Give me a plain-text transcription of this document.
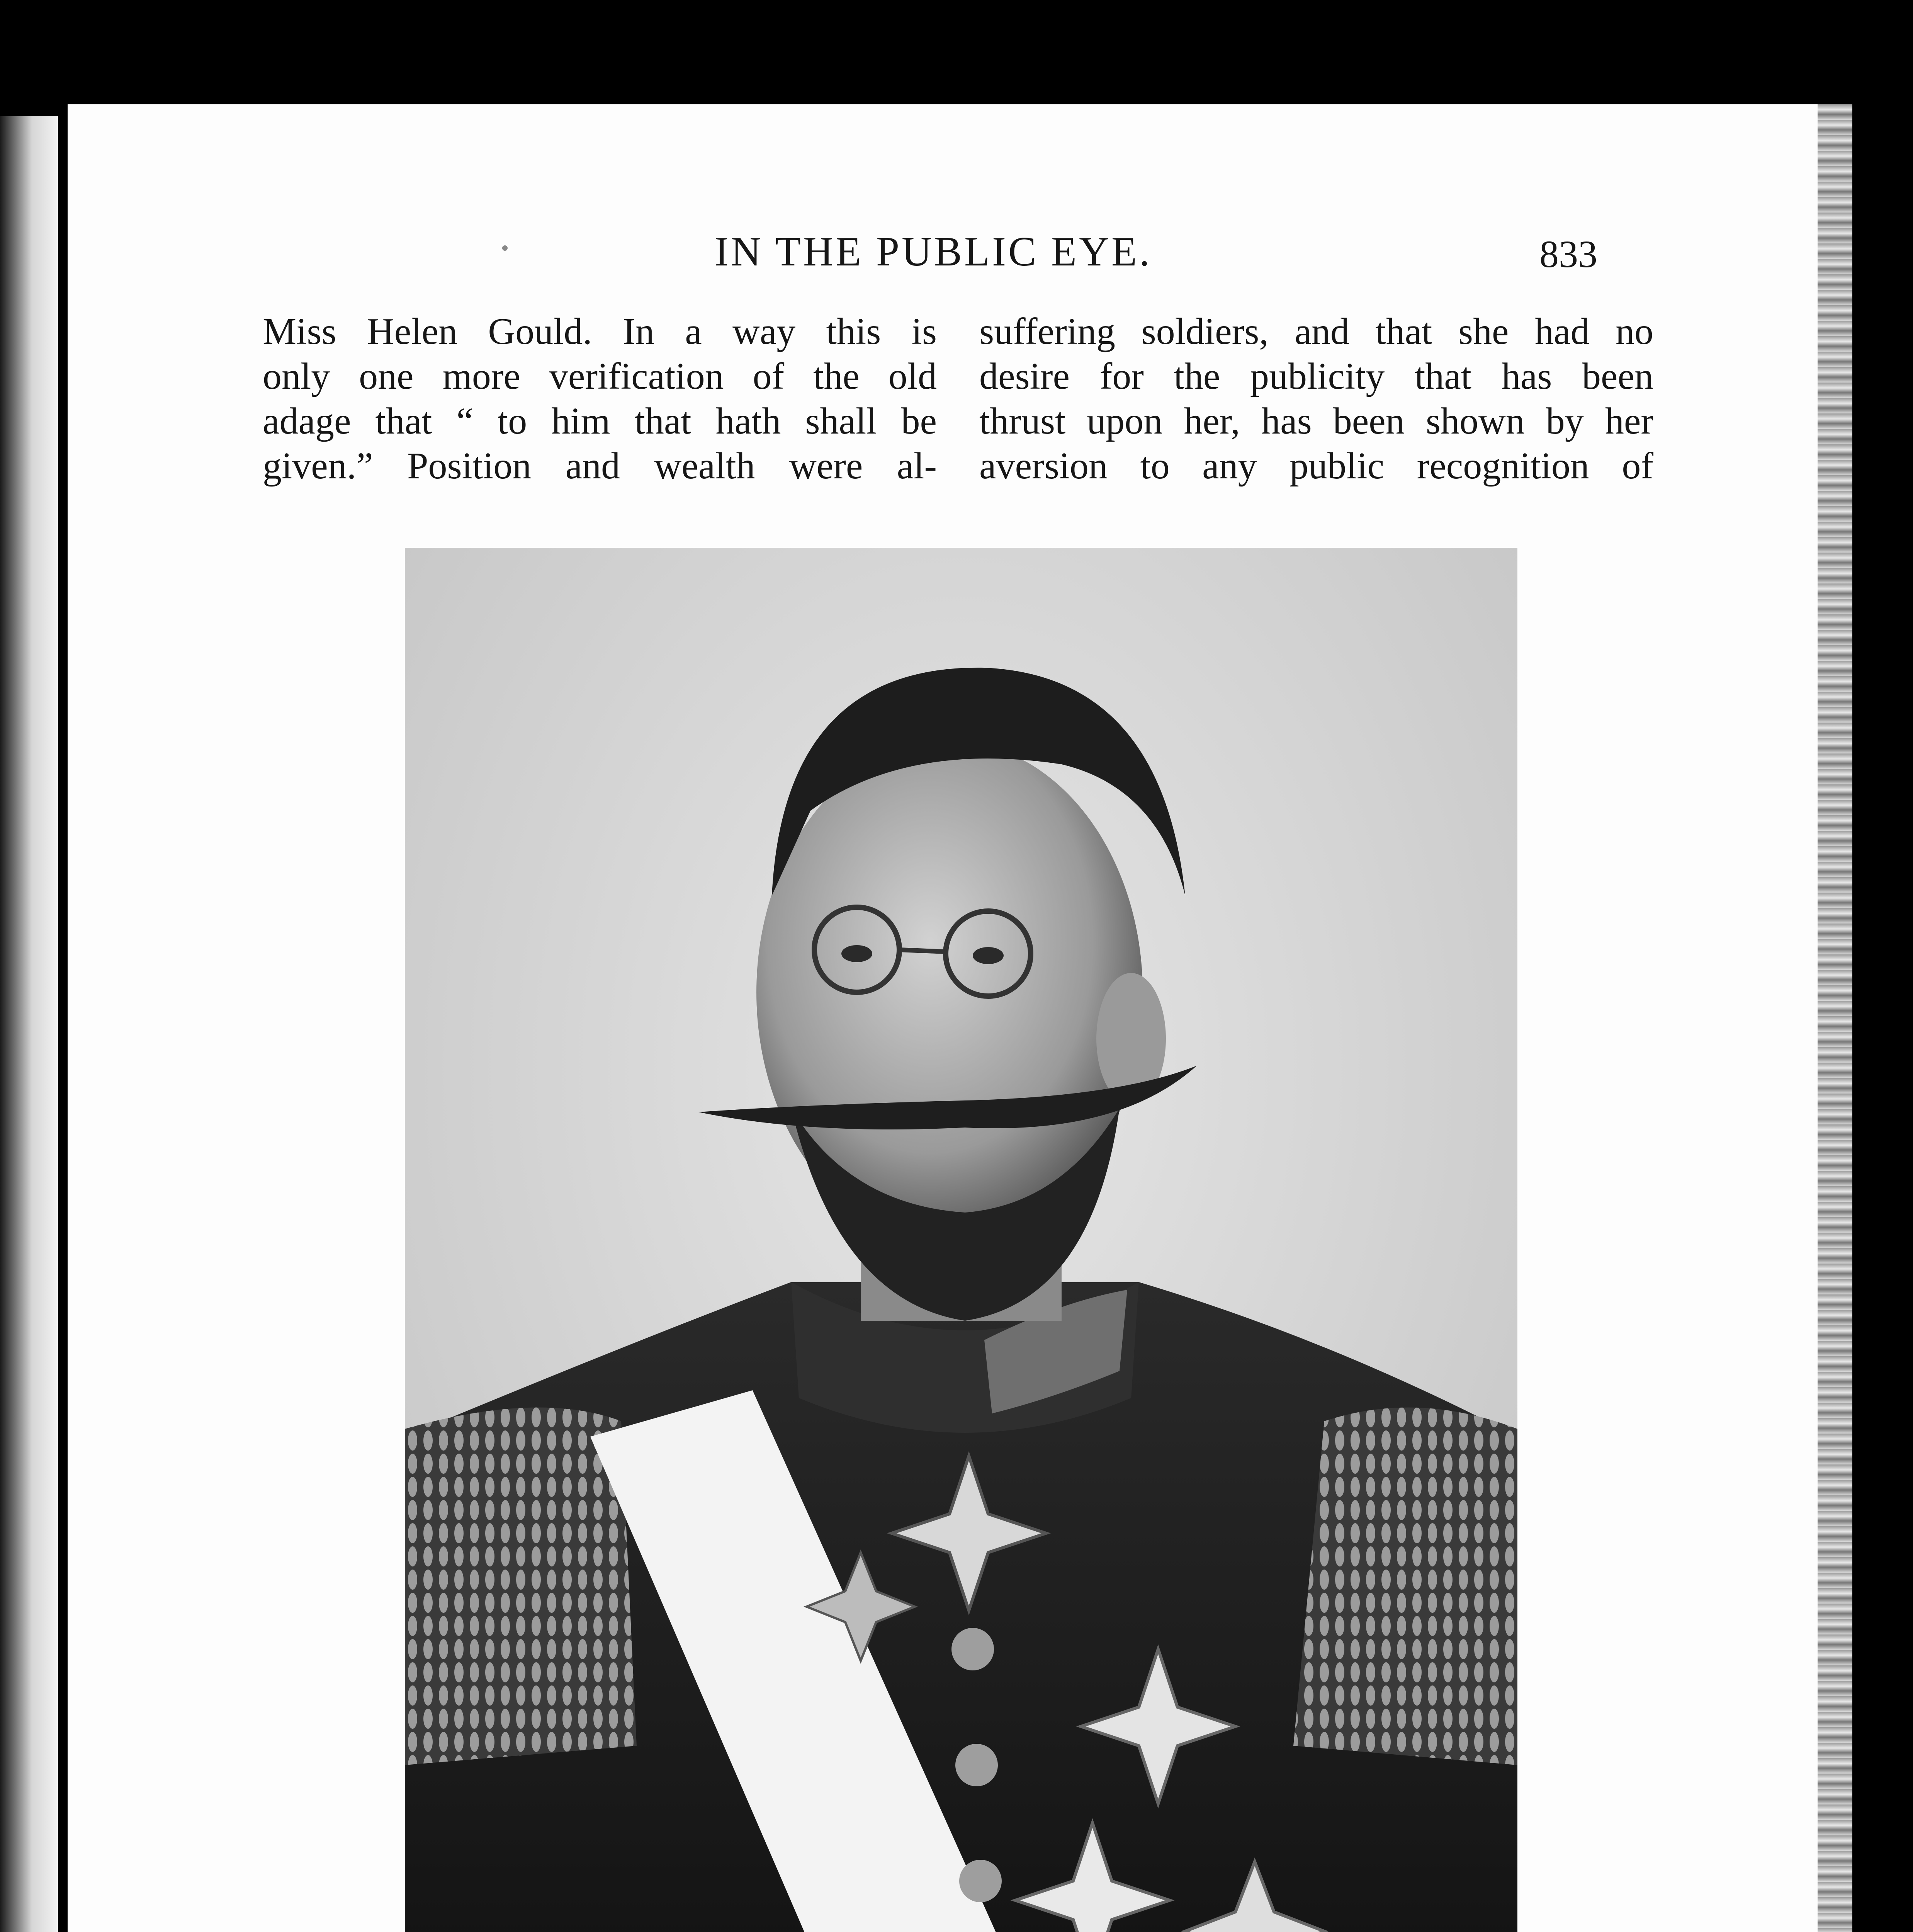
IN THE PUBLIC EYE.	833

Miss Helen Gould. In a way this is

only one more verification of the old

adage that “ to him that hath shall be

given.” Position and wealth were al-

suffering soldiers, and that she had no

desire for the publicity that has been

thrust upon her, has been shown by her

aversion to any public recognition of
